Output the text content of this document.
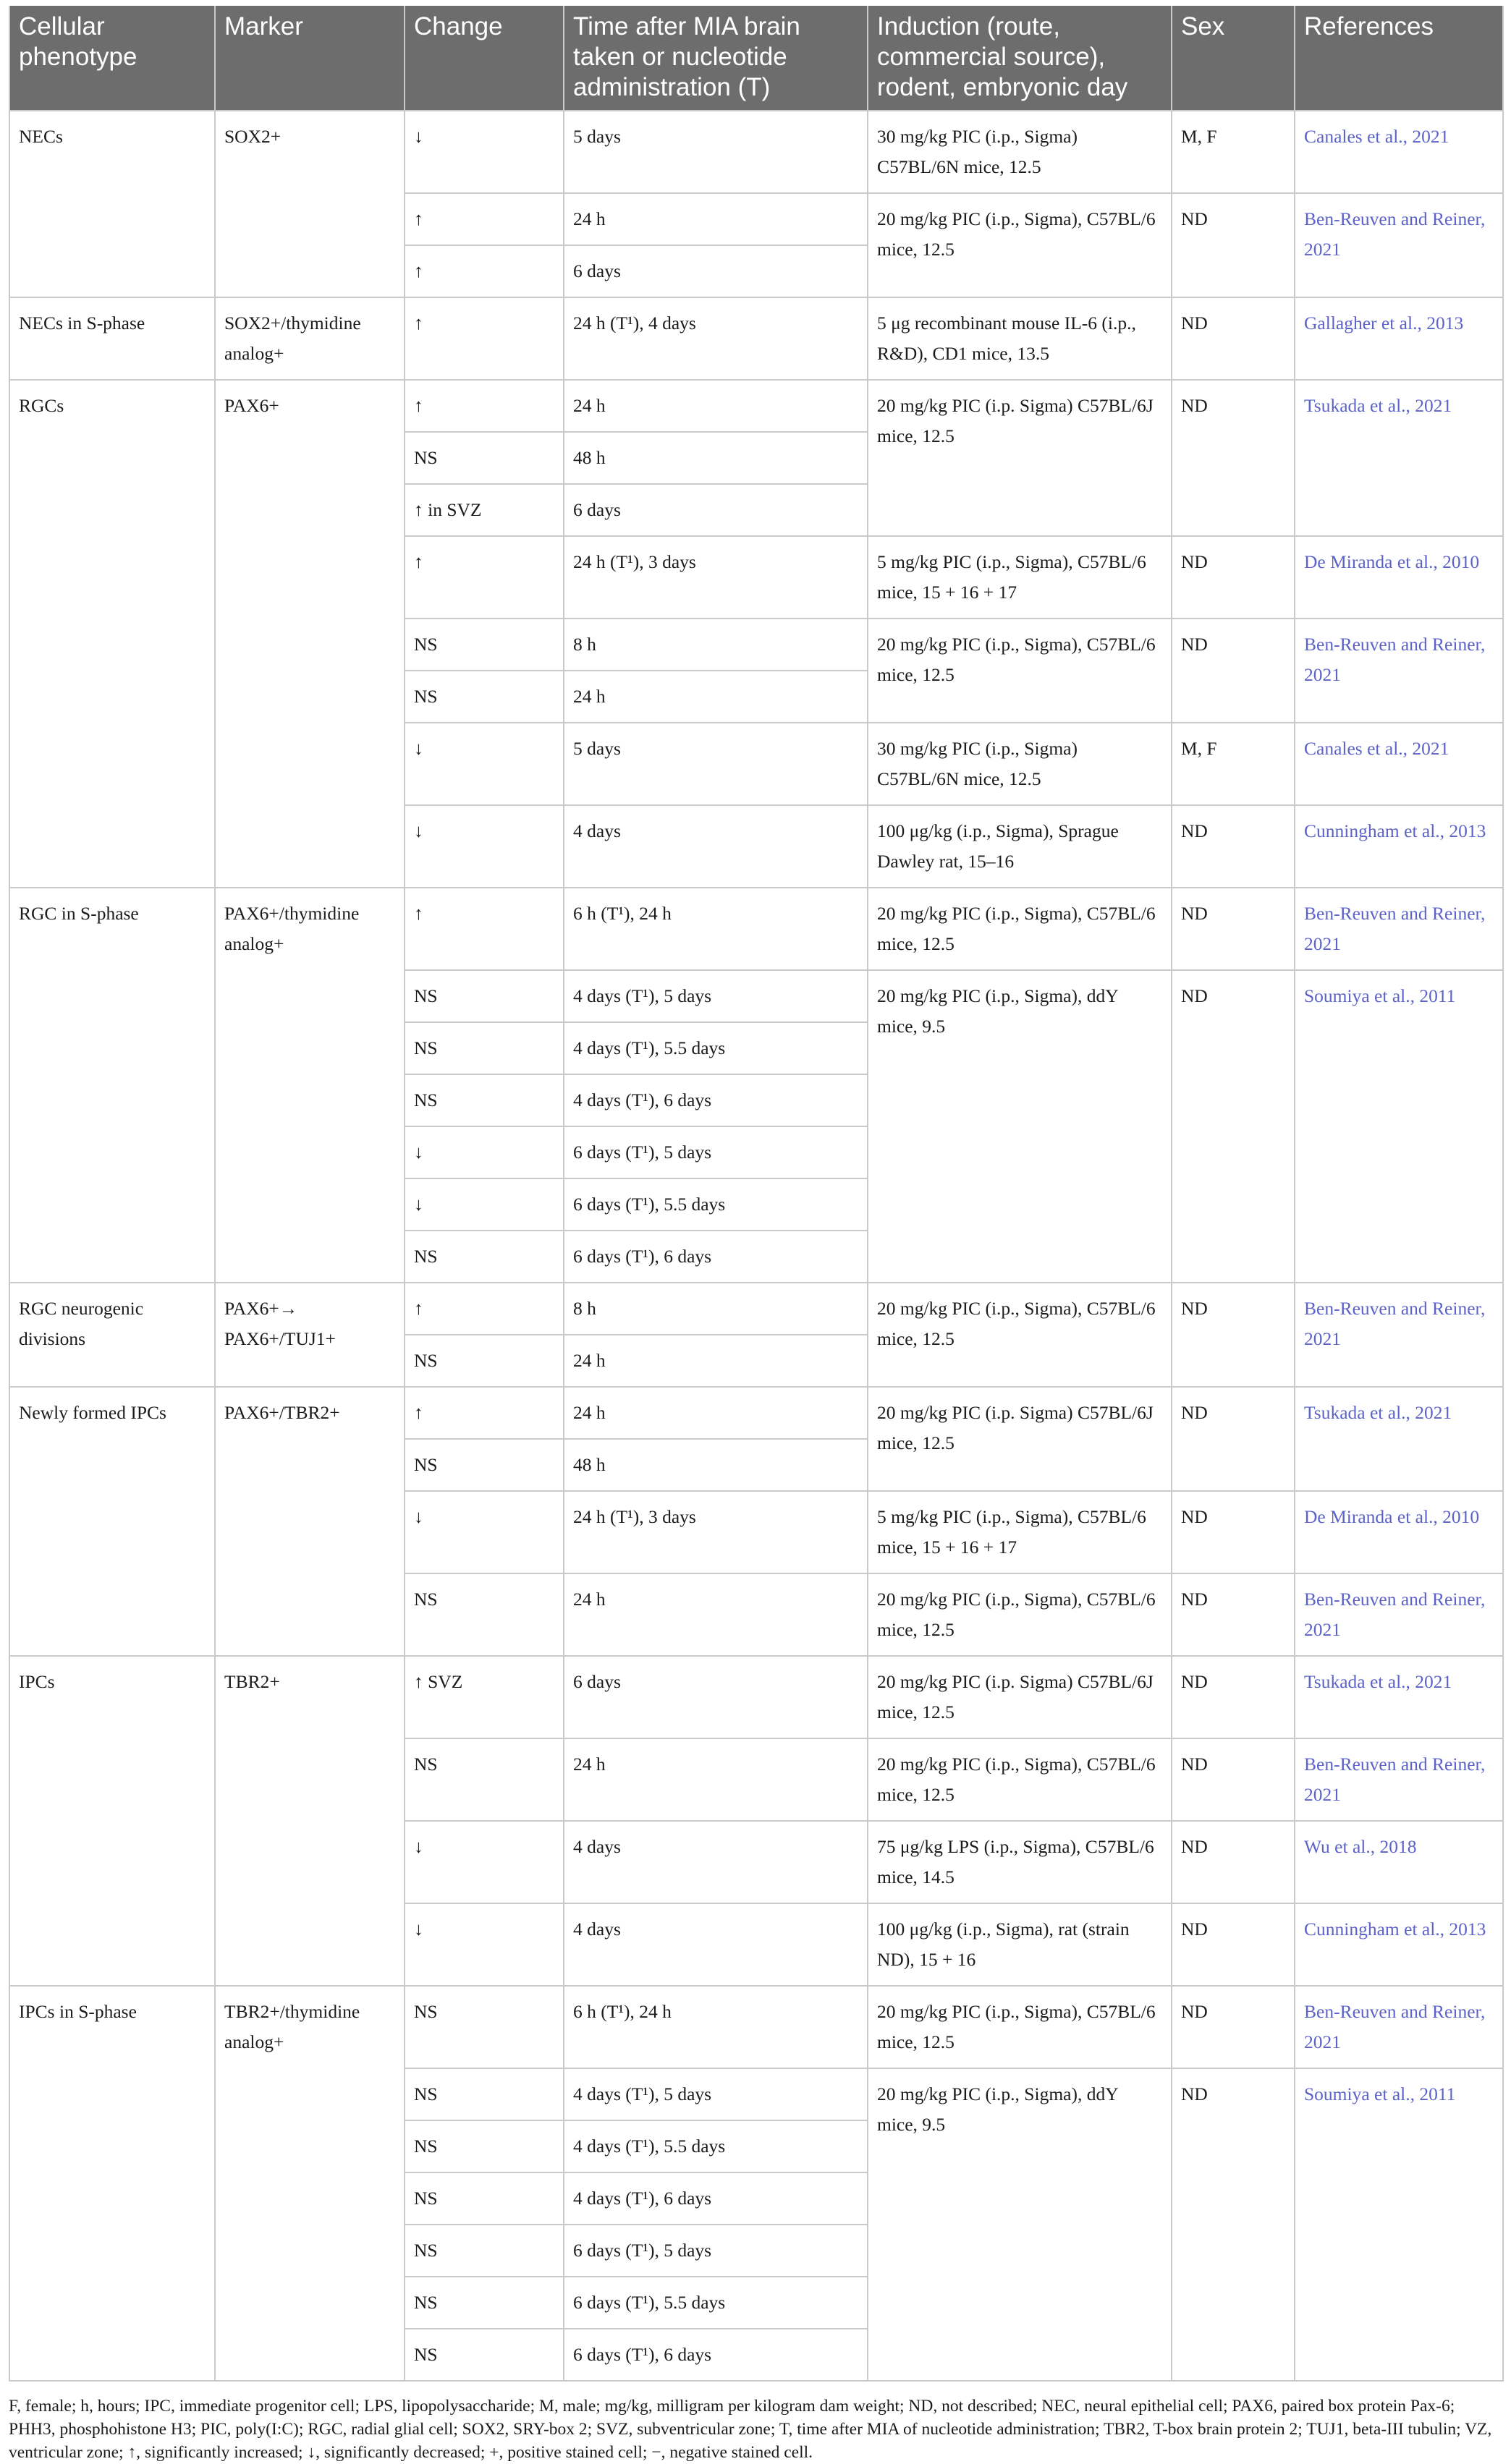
Cellular phenotype	Marker	Change	Time after MIA brain taken or nucleotide administration (T)	Induction (route, commercial source), rodent, embryonic day	Sex	References
NECs	SOX2+	↓	5 days	30 mg/kg PIC (i.p., Sigma) C57BL/6N mice, 12.5	M, F	Canales et al., 2021
		↑	24 h	20 mg/kg PIC (i.p., Sigma), C57BL/6 mice, 12.5	ND	Ben-Reuven and Reiner, 2021
		↑	6 days			
NECs in S-phase	SOX2+/thymidine analog+	↑	24 h (T¹), 4 days	5 μg recombinant mouse IL-6 (i.p., R&D), CD1 mice, 13.5	ND	Gallagher et al., 2013
RGCs	PAX6+	↑	24 h	20 mg/kg PIC (i.p. Sigma) C57BL/6J mice, 12.5	ND	Tsukada et al., 2021
		NS	48 h			
		↑ in SVZ	6 days			
		↑	24 h (T¹), 3 days	5 mg/kg PIC (i.p., Sigma), C57BL/6 mice, 15 + 16 + 17	ND	De Miranda et al., 2010
		NS	8 h	20 mg/kg PIC (i.p., Sigma), C57BL/6 mice, 12.5	ND	Ben-Reuven and Reiner, 2021
		NS	24 h			
		↓	5 days	30 mg/kg PIC (i.p., Sigma) C57BL/6N mice, 12.5	M, F	Canales et al., 2021
		↓	4 days	100 μg/kg (i.p., Sigma), Sprague Dawley rat, 15–16	ND	Cunningham et al., 2013
RGC in S-phase	PAX6+/thymidine analog+	↑	6 h (T¹), 24 h	20 mg/kg PIC (i.p., Sigma), C57BL/6 mice, 12.5	ND	Ben-Reuven and Reiner, 2021
		NS	4 days (T¹), 5 days	20 mg/kg PIC (i.p., Sigma), ddY mice, 9.5	ND	Soumiya et al., 2011
		NS	4 days (T¹), 5.5 days			
		NS	4 days (T¹), 6 days			
		↓	6 days (T¹), 5 days			
		↓	6 days (T¹), 5.5 days			
		NS	6 days (T¹), 6 days			
RGC neurogenic divisions	PAX6+→ PAX6+/TUJ1+	↑	8 h	20 mg/kg PIC (i.p., Sigma), C57BL/6 mice, 12.5	ND	Ben-Reuven and Reiner, 2021
		NS	24 h			
Newly formed IPCs	PAX6+/TBR2+	↑	24 h	20 mg/kg PIC (i.p. Sigma) C57BL/6J mice, 12.5	ND	Tsukada et al., 2021
		NS	48 h			
		↓	24 h (T¹), 3 days	5 mg/kg PIC (i.p., Sigma), C57BL/6 mice, 15 + 16 + 17	ND	De Miranda et al., 2010
		NS	24 h	20 mg/kg PIC (i.p., Sigma), C57BL/6 mice, 12.5	ND	Ben-Reuven and Reiner, 2021
IPCs	TBR2+	↑ SVZ	6 days	20 mg/kg PIC (i.p. Sigma) C57BL/6J mice, 12.5	ND	Tsukada et al., 2021
		NS	24 h	20 mg/kg PIC (i.p., Sigma), C57BL/6 mice, 12.5	ND	Ben-Reuven and Reiner, 2021
		↓	4 days	75 μg/kg LPS (i.p., Sigma), C57BL/6 mice, 14.5	ND	Wu et al., 2018
		↓	4 days	100 μg/kg (i.p., Sigma), rat (strain ND), 15 + 16	ND	Cunningham et al., 2013
IPCs in S-phase	TBR2+/thymidine analog+	NS	6 h (T¹), 24 h	20 mg/kg PIC (i.p., Sigma), C57BL/6 mice, 12.5	ND	Ben-Reuven and Reiner, 2021
		NS	4 days (T¹), 5 days	20 mg/kg PIC (i.p., Sigma), ddY mice, 9.5	ND	Soumiya et al., 2011
		NS	4 days (T¹), 5.5 days			
		NS	4 days (T¹), 6 days			
		NS	6 days (T¹), 5 days			
		NS	6 days (T¹), 5.5 days			
		NS	6 days (T¹), 6 days			
F, female; h, hours; IPC, immediate progenitor cell; LPS, lipopolysaccharide; M, male; mg/kg, milligram per kilogram dam weight; ND, not described; NEC, neural epithelial cell; PAX6, paired box protein Pax-6; PHH3, phosphohistone H3; PIC, poly(I:C); RGC, radial glial cell; SOX2, SRY-box 2; SVZ, subventricular zone; T, time after MIA of nucleotide administration; TBR2, T-box brain protein 2; TUJ1, beta-III tubulin; VZ, ventricular zone; ↑, significantly increased; ↓, significantly decreased; +, positive stained cell; −, negative stained cell.
